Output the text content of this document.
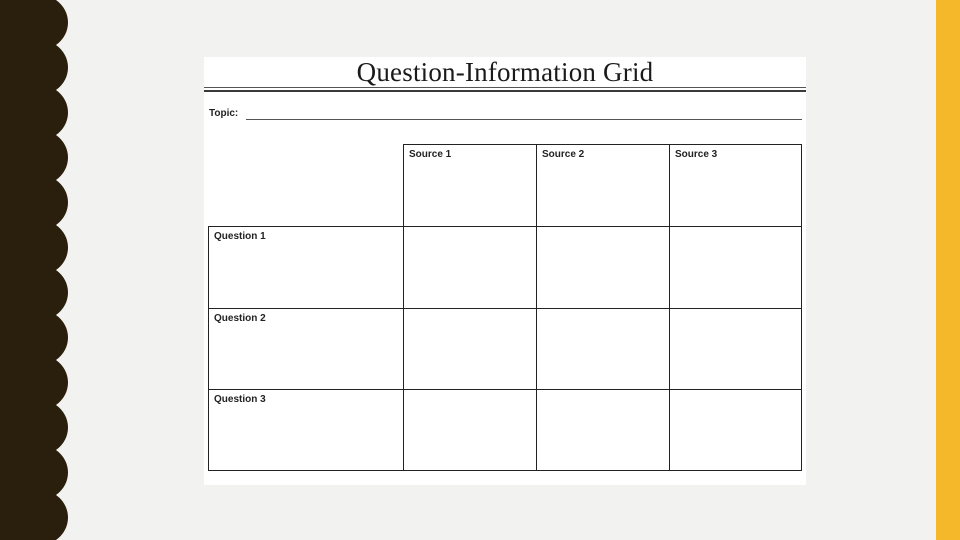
Question-Information Grid
Topic:
Source 1	Source 2	Source 3
Question 1
Question 2
Question 3
